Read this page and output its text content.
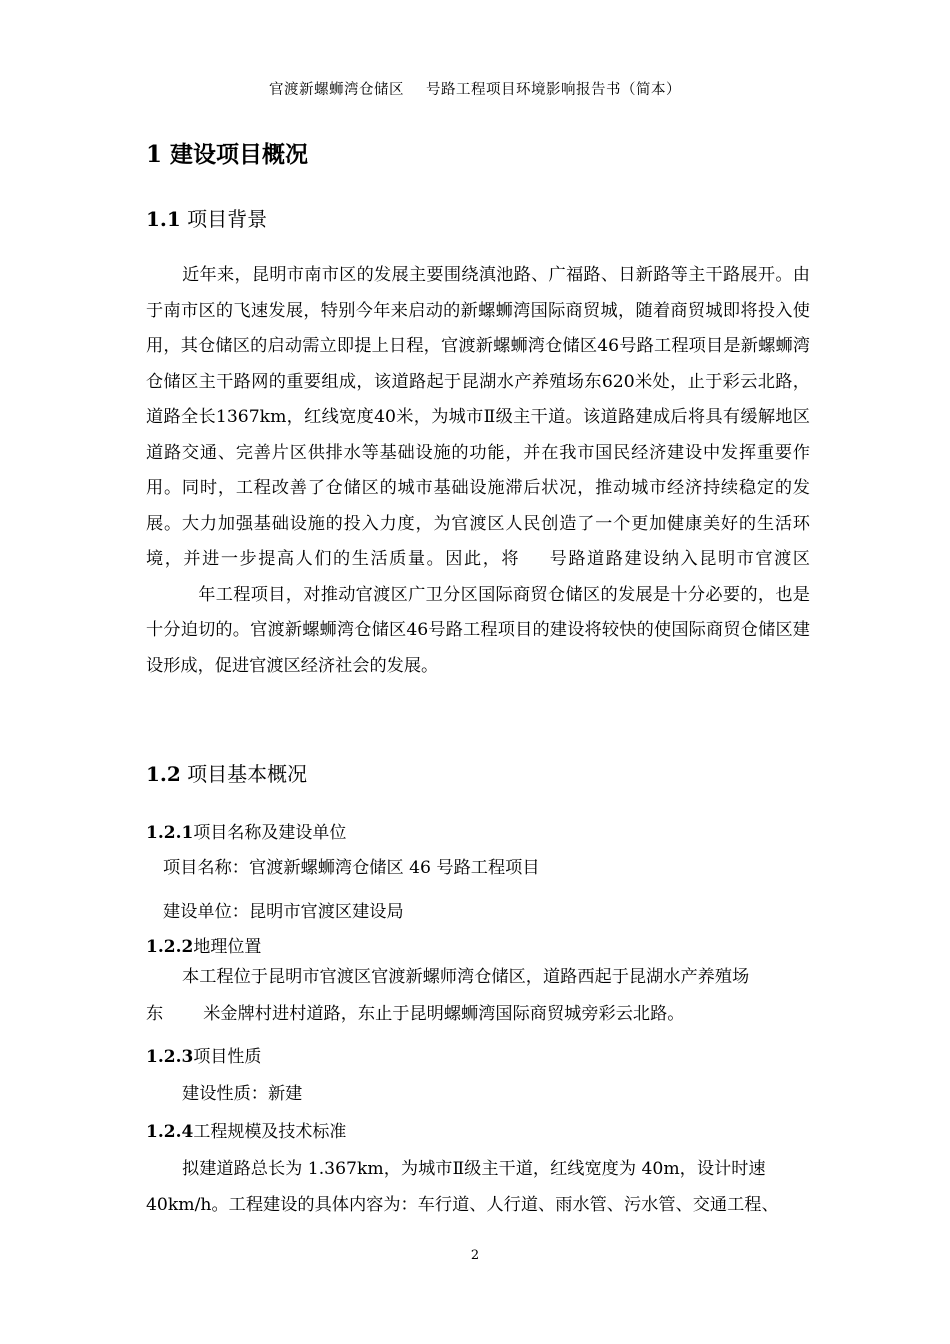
官渡新螺蛳湾仓储区 号路工程项目环境影响报告书（简本）
1 建设项目概况
1.1 项目背景
近年来，昆明市南市区的发展主要围绕滇池路、广福路、日新路等主干路展开。由于南市区的飞速发展，特别今年来启动的新螺蛳湾国际商贸城，随着商贸城即将投入使用，其仓储区的启动需立即提上日程，官渡新螺蛳湾仓储区46号路工程项目是新螺蛳湾仓储区主干路网的重要组成，该道路起于昆湖水产养殖场东620米处，止于彩云北路，道路全长1367km，红线宽度40米，为城市Ⅱ级主干道。该道路建成后将具有缓解地区道路交通、完善片区供排水等基础设施的功能，并在我市国民经济建设中发挥重要作用。同时，工程改善了仓储区的城市基础设施滞后状况，推动城市经济持续稳定的发展。大力加强基础设施的投入力度，为官渡区人民创造了一个更加健康美好的生活环境，并进一步提高人们的生活质量。因此，将 号路道路建设纳入昆明市官渡区年工程项目，对推动官渡区广卫分区国际商贸仓储区的发展是十分必要的，也是十分迫切的。官渡新螺蛳湾仓储区46号路工程项目的建设将较快的使国际商贸仓储区建设形成，促进官渡区经济社会的发展。
1.2 项目基本概况
1.2.1项目名称及建设单位
项目名称：官渡新螺蛳湾仓储区 46 号路工程项目
建设单位：昆明市官渡区建设局
1.2.2地理位置
本工程位于昆明市官渡区官渡新螺师湾仓储区，道路西起于昆湖水产养殖场
东 米金牌村进村道路，东止于昆明螺蛳湾国际商贸城旁彩云北路。
1.2.3项目性质
建设性质：新建
1.2.4工程规模及技术标准
拟建道路总长为 1.367km，为城市Ⅱ级主干道，红线宽度为 40m，设计时速
40km/h。工程建设的具体内容为：车行道、人行道、雨水管、污水管、交通工程、
2
